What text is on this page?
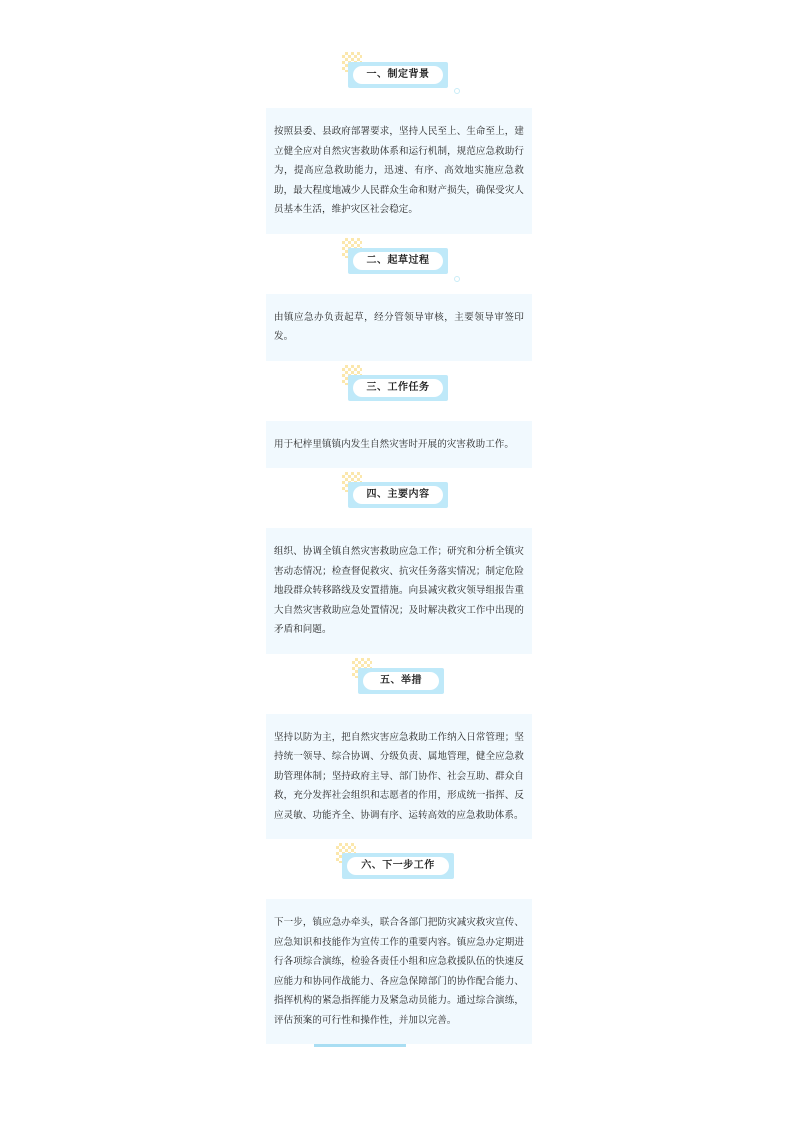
一、制定背景
按照县委、县政府部署要求，坚持人民至上、生命至上，建立健全应对自然灾害救助体系和运行机制，规范应急救助行为，提高应急救助能力，迅速、有序、高效地实施应急救助，最大程度地减少人民群众生命和财产损失，确保受灾人员基本生活，维护灾区社会稳定。
二、起草过程
由镇应急办负责起草，经分管领导审核，主要领导审签印发。
三、工作任务
用于杞梓里镇镇内发生自然灾害时开展的灾害救助工作。
四、主要内容
组织、协调全镇自然灾害救助应急工作；研究和分析全镇灾害动态情况；检查督促救灾、抗灾任务落实情况；制定危险地段群众转移路线及安置措施。向县减灾救灾领导组报告重大自然灾害救助应急处置情况；及时解决救灾工作中出现的矛盾和问题。
五、举措
坚持以防为主，把自然灾害应急救助工作纳入日常管理；坚持统一领导、综合协调、分级负责、属地管理，健全应急救助管理体制；坚持政府主导、部门协作、社会互助、群众自救，充分发挥社会组织和志愿者的作用，形成统一指挥、反应灵敏、功能齐全、协调有序、运转高效的应急救助体系。
六、下一步工作
下一步，镇应急办牵头，联合各部门把防灾减灾救灾宣传、应急知识和技能作为宣传工作的重要内容。镇应急办定期进行各项综合演练，检验各责任小组和应急救援队伍的快速反应能力和协同作战能力、各应急保障部门的协作配合能力、指挥机构的紧急指挥能力及紧急动员能力。通过综合演练，评估预案的可行性和操作性，并加以完善。
